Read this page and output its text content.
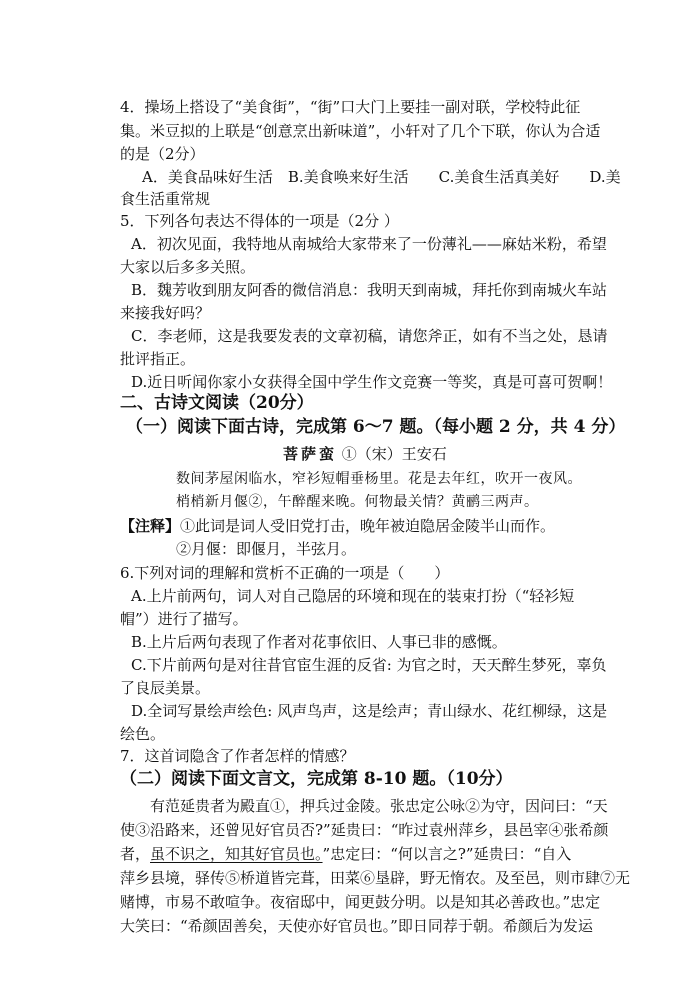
4．操场上搭设了“美食街”，“街”口大门上要挂一副对联，学校特此征
集。米豆拟的上联是“创意烹出新味道”，小轩对了几个下联，你认为合适
的是（2分）
A．美食品味好生活　B.美食唤来好生活　　C.美食生活真美好　　D.美
食生活重常规
5．下列各句表达不得体的一项是（2分 ）
A．初次见面，我特地从南城给大家带来了一份薄礼——麻姑米粉，希望
大家以后多多关照。
B．魏芳收到朋友阿香的微信消息：我明天到南城，拜托你到南城火车站
来接我好吗？
C．李老师，这是我要发表的文章初稿，请您斧正，如有不当之处，恳请
批评指正。
D.近日听闻你家小女获得全国中学生作文竞赛一等奖，真是可喜可贺啊！
二、古诗文阅读（20分）
（一）阅读下面古诗，完成第 6～7 题。（每小题 2 分，共 4 分）
菩萨蛮 ①（宋）王安石
数间茅屋闲临水，窄衫短帽垂杨里。花是去年红，吹开一夜风。
梢梢新月偃②，午醉醒来晚。何物最关情？黄鹂三两声。
【注释】①此词是词人受旧党打击，晚年被迫隐居金陵半山而作。
②月偃：即偃月，半弦月。
6.下列对词的理解和赏析不正确的一项是（　　）
A.上片前两句，词人对自己隐居的环境和现在的装束打扮（“轻衫短
帽”）进行了描写。
B.上片后两句表现了作者对花事依旧、人事已非的感慨。
C.下片前两句是对往昔官宦生涯的反省: 为官之时，天天醉生梦死，辜负
了良辰美景。
D.全词写景绘声绘色: 风声鸟声，这是绘声；青山绿水、花红柳绿，这是
绘色。
7．这首词隐含了作者怎样的情感？
（二）阅读下面文言文，完成第 8-10 题。（10分）
有范延贵者为殿直①，押兵过金陵。张忠定公咏②为守，因问曰：“天
使③沿路来，还曾见好官员否?”延贵曰：“昨过袁州萍乡，县邑宰④张希颜
者，虽不识之，知其好官员也。”忠定曰：“何以言之?”延贵曰：“自入
萍乡县境，驿传⑤桥道皆完葺，田菜⑥垦辟，野无惰农。及至邑，则市肆⑦无
赌博，市易不敢喧争。夜宿邸中，闻更鼓分明。以是知其必善政也。”忠定
大笑曰：“希颜固善矣，天使亦好官员也。”即日同荐于朝。希颜后为发运
